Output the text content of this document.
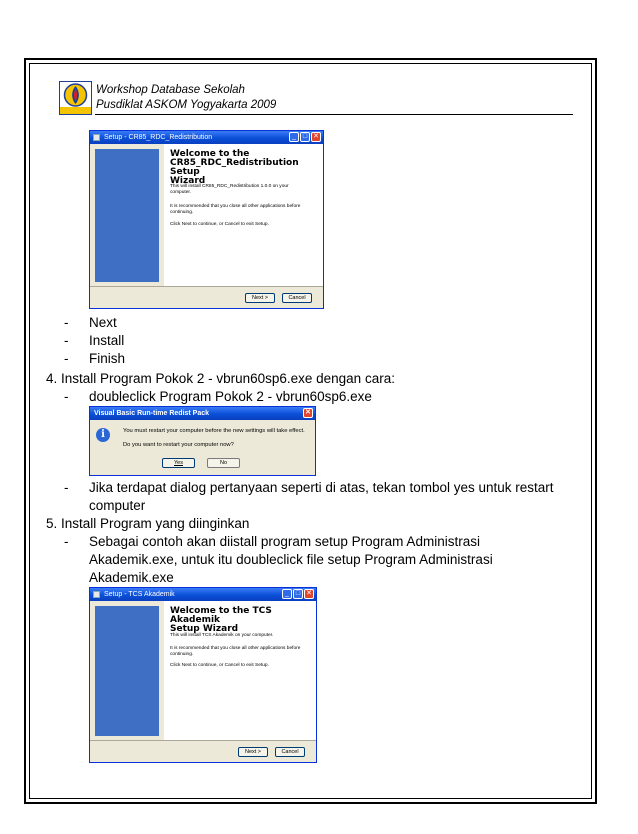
Workshop Database Sekolah
Pusdiklat ASKOM Yogyakarta 2009
Setup - CR85_RDC_Redistribution	_ □ ✕
Welcome to the
CR85_RDC_Redistribution Setup
Wizard
This will install CR85_RDC_Redistribution 1.0.0 on your
computer.
It is recommended that you close all other applications before
continuing.
Click Next to continue, or Cancel to exit Setup.
Next >	Cancel
- Next
- Install
- Finish
4. Install Program Pokok 2 - vbrun60sp6.exe dengan cara:
- doubleclick Program Pokok 2 - vbrun60sp6.exe
Visual Basic Run-time Redist Pack	✕
i	You must restart your computer before the new settings will take effect.
Do you want to restart your computer now?
Yes	No
- Jika terdapat dialog pertanyaan seperti di atas, tekan tombol yes untuk restart
computer
5. Install Program yang diinginkan
- Sebagai contoh akan diistall program setup Program Administrasi
Akademik.exe, untuk itu doubleclick file setup Program Administrasi
Akademik.exe
Setup - TCS Akademik	_ □ ✕
Welcome to the TCS Akademik
Setup Wizard
This will install TCS Akademik on your computer.
It is recommended that you close all other applications before
continuing.
Click Next to continue, or Cancel to exit Setup.
Next >	Cancel
